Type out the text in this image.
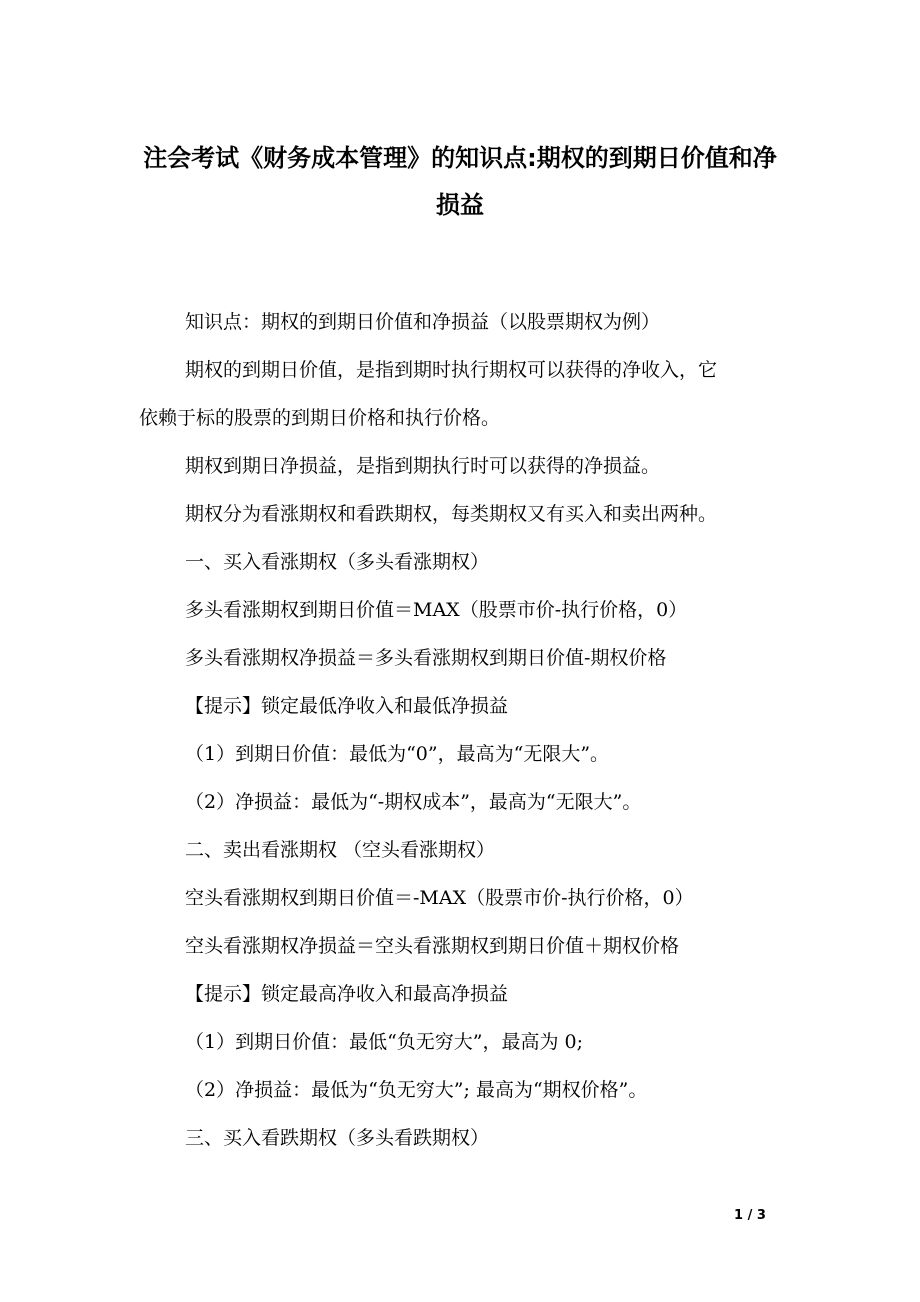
注会考试《财务成本管理》的知识点:期权的到期日价值和净
损益

知识点：期权的到期日价值和净损益（以股票期权为例）

期权的到期日价值，是指到期时执行期权可以获得的净收入，它

依赖于标的股票的到期日价格和执行价格。

期权到期日净损益，是指到期执行时可以获得的净损益。

期权分为看涨期权和看跌期权，每类期权又有买入和卖出两种。

一、买入看涨期权（多头看涨期权）

多头看涨期权到期日价值＝MAX（股票市价-执行价格，0）

多头看涨期权净损益＝多头看涨期权到期日价值-期权价格

【提示】锁定最低净收入和最低净损益

（1）到期日价值：最低为“0”，最高为“无限大”。

（2）净损益：最低为“-期权成本”，最高为“无限大”。

二、卖出看涨期权 （空头看涨期权）

空头看涨期权到期日价值＝-MAX（股票市价-执行价格，0）

空头看涨期权净损益＝空头看涨期权到期日价值＋期权价格

【提示】锁定最高净收入和最高净损益

（1）到期日价值：最低“负无穷大”，最高为 0;

（2）净损益：最低为“负无穷大”; 最高为“期权价格”。

三、买入看跌期权（多头看跌期权）

1 / 3
